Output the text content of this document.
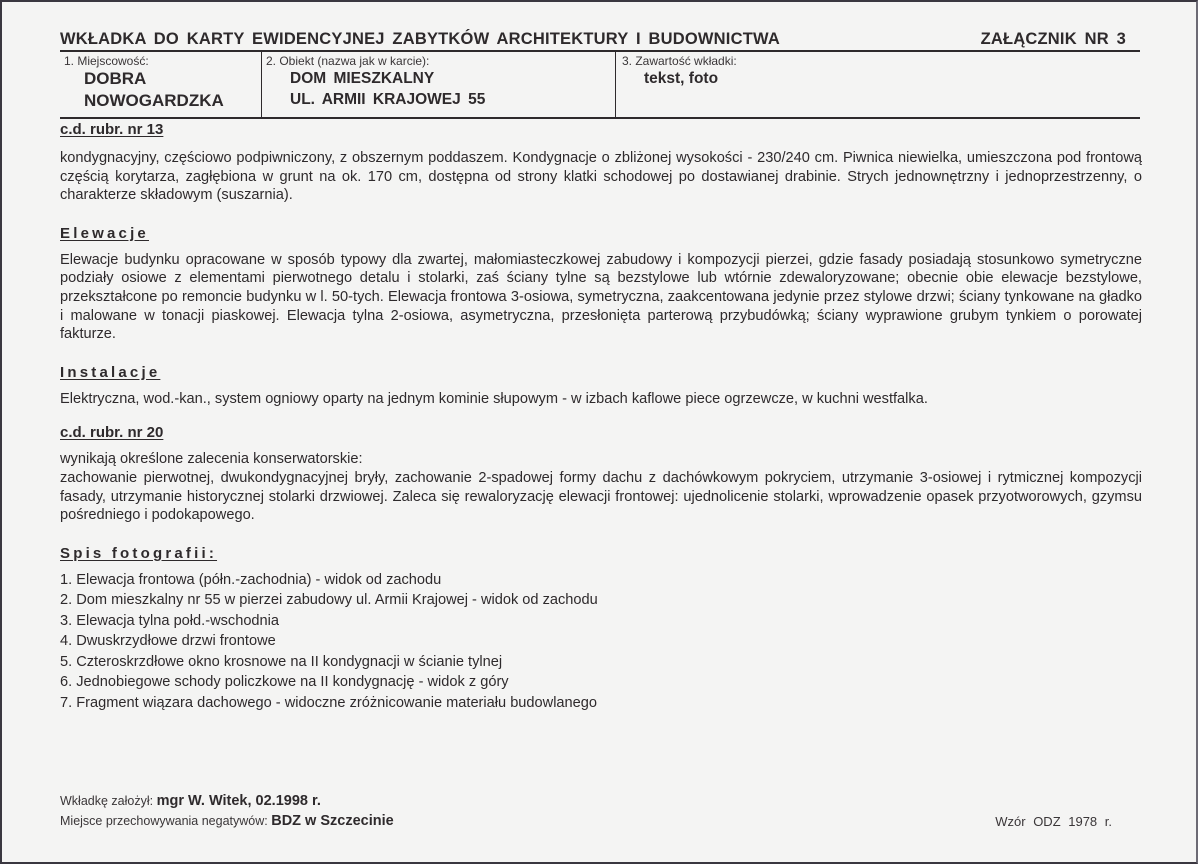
WKŁADKA DO KARTY EWIDENCYJNEJ ZABYTKÓW ARCHITEKTURY I BUDOWNICTWA	ZAŁĄCZNIK NR 3
1. Miejscowość:
DOBRA
NOWOGARDZKA
2. Obiekt (nazwa jak w karcie):
DOM MIESZKALNY
UL. ARMII KRAJOWEJ 55
3. Zawartość wkładki:
tekst, foto
c.d. rubr. nr 13

kondygnacyjny, częściowo podpiwniczony, z obszernym poddaszem. Kondygnacje o zbliżonej wysokości - 230/240 cm. Piwnica niewielka, umieszczona pod frontową częścią korytarza, zagłębiona w grunt na ok. 170 cm, dostępna od strony klatki schodowej po dostawianej drabinie. Strych jednownętrzny i jednoprzestrzenny, o charakterze składowym (suszarnia).

Elewacje

Elewacje budynku opracowane w sposób typowy dla zwartej, małomiasteczkowej zabudowy i kompozycji pierzei, gdzie fasady posiadają stosunkowo symetryczne podziały osiowe z elementami pierwotnego detalu i stolarki, zaś ściany tylne są bezstylowe lub wtórnie zdewaloryzowane; obecnie obie elewacje bezstylowe, przekształcone po remoncie budynku w l. 50-tych. Elewacja frontowa 3-osiowa, symetryczna, zaakcentowana jedynie przez stylowe drzwi; ściany tynkowane na gładko i malowane w tonacji piaskowej. Elewacja tylna 2-osiowa, asymetryczna, przesłonięta parterową przybudówką; ściany wyprawione grubym tynkiem o porowatej fakturze.

Instalacje

Elektryczna, wod.-kan., system ogniowy oparty na jednym kominie słupowym - w izbach kaflowe piece ogrzewcze, w kuchni westfalka.

c.d. rubr. nr 20

wynikają określone zalecenia konserwatorskie:

zachowanie pierwotnej, dwukondygnacyjnej bryły, zachowanie 2-spadowej formy dachu z dachówkowym pokryciem, utrzymanie 3-osiowej i rytmicznej kompozycji fasady, utrzymanie historycznej stolarki drzwiowej. Zaleca się rewaloryzację elewacji frontowej: ujednolicenie stolarki, wprowadzenie opasek przyotworowych, gzymsu pośredniego i podokapowego.

Spis fotografii:
1. Elewacja frontowa (półn.-zachodnia) - widok od zachodu
2. Dom mieszkalny nr 55 w pierzei zabudowy ul. Armii Krajowej - widok od zachodu
3. Elewacja tylna połd.-wschodnia
4. Dwuskrzydłowe drzwi frontowe
5. Czteroskrzdłowe okno krosnowe na II kondygnacji w ścianie tylnej
6. Jednobiegowe schody policzkowe na II kondygnację - widok z góry
7. Fragment wiązara dachowego - widoczne zróżnicowanie materiału budowlanego
Wkładkę założył: mgr W. Witek, 02.1998 r.
Miejsce przechowywania negatywów: BDZ w Szczecinie	Wzór ODZ 1978 r.
